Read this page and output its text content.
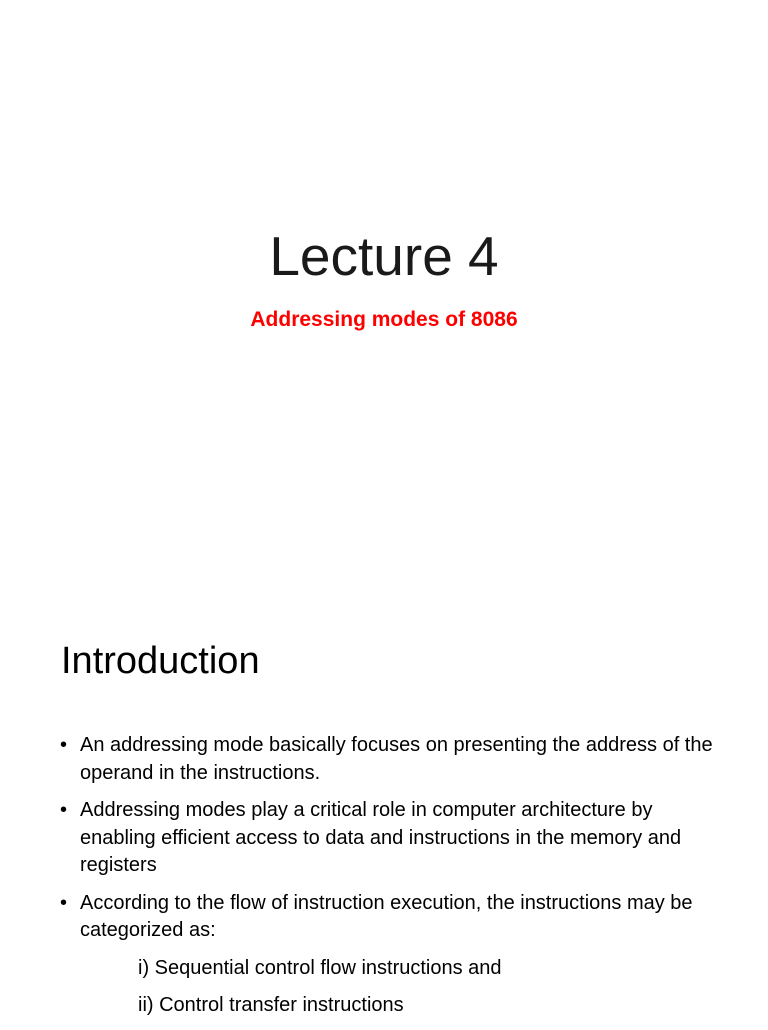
Lecture 4
Addressing modes of 8086
Introduction
• An addressing mode basically focuses on presenting the address of the operand in the instructions.
• Addressing modes play a critical role in computer architecture by enabling efficient access to data and instructions in the memory and registers
• According to the flow of instruction execution, the instructions may be categorized as:
i) Sequential control flow instructions and
ii) Control transfer instructions
